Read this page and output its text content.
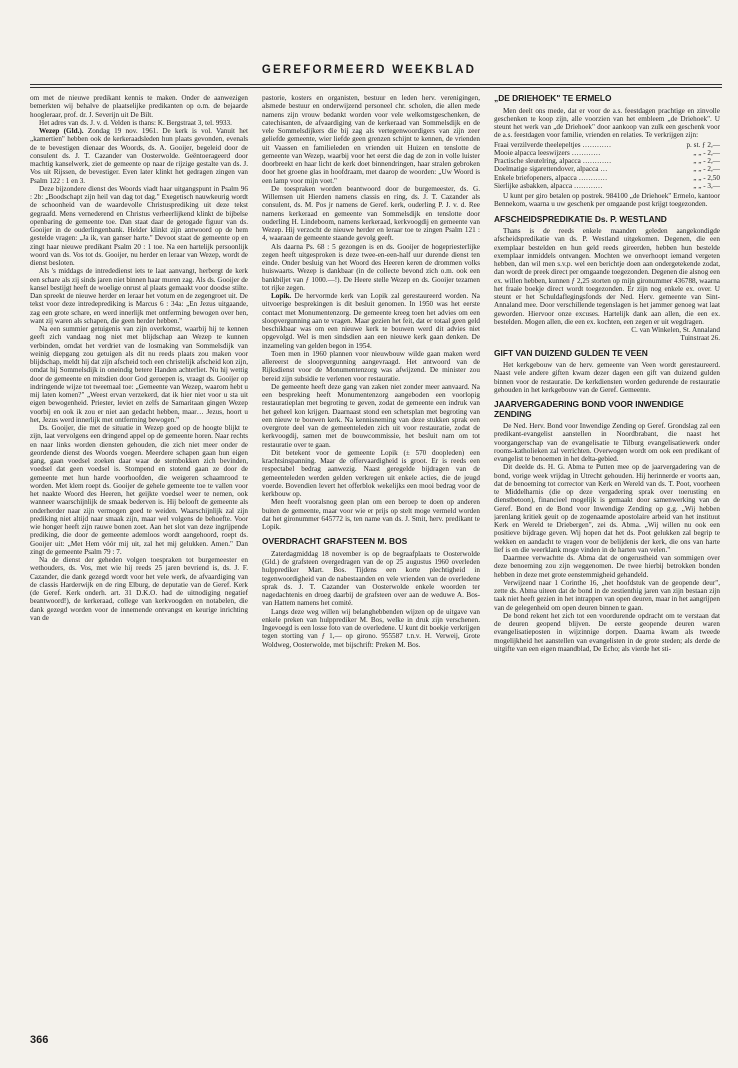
GEREFORMEERD WEEKBLAD

om met de nieuwe predikant kennis te maken. Onder de aanwezigen bemerkten wij behalve de plaatselijke predikanten op o.m. de bejaarde hoogleraar, prof. dr. J. Severijn uit De Bilt.

Het adres van ds. J. v. d. Velden is thans: K. Bergstraat 3, tel. 9933.

Wezep (Gld.). Zondag 19 nov. 1961. De kerk is vol. Vanuit het „kamertien" hebben ook de kerkeraadsleden hun plaats gevonden, evenals de te bevestigen dienaar des Woords, ds. A. Gooijer, begeleid door de consulent ds. J. T. Cazander van Oosterwolde. Geëntoerageerd door machtig kanselwerk, ziet de gemeente op naar de rijzige gestalte van ds. J. Vos uit Rijssen, de bevestiger. Even later klinkt het gedragen zingen van Psalm 122 : 1 en 3.

Deze bijzondere dienst des Woords viadt haar uitgangspunt in Psalm 96 : 2b: „Boodschapt zijn heil van dag tot dag." Exegetisch nauwkeurig wordt de schoonheid van de waardevolle Christusprediking uit deze tekst gegraafd. Mens vernederend en Christus verheerlijkend klinkt de bijbelse openbaring de gemeente toe. Dan staat daar de getogade figuur van ds. Gooijer in de ouderlingenbank. Helder klinkt zijn antwoord op de hem gestelde vragen: „Ja ik, van ganser harte." Devoot staat de gemeente op en zingt haar nieuwe predikant Psalm 20 : 1 toe. Na een hartelijk persoonlijk woord van ds. Vos tot ds. Gooijer, nu herder en leraar van Wezep, wordt de dienst besloten.

Als 's middags de intrededienst iets te laat aanvangt, herbergt de kerk een schare als zij sinds jaren niet binnen haar muren zag. Als ds. Gooijer de kansel bestijgt heeft de woelige onrust al plaats gemaakt voor doodse stilte. Dan spreekt de nieuwe herder en leraar het votum en de zegengroet uit. De tekst voor deze intredeprediking is Marcus 6 : 34a: „En Jezus uitgaande, zag een grote schare, en werd innerlijk met ontferming bewogen over hen, want zij waren als schapen, die geen herder hebben."

Na een summier getuigenis van zijn overkomst, waarbij hij te kennen geeft zich vandaag nog niet met blijdschap aan Wezep te kunnen verbinden, omdat het verdriet van de losmaking van Sommelsdijk van weinig diepgang zou getuigen als dit nu reeds plaats zou maken voor blijdschap, meldt hij dat zijn afscheid toch een christelijk afscheid kon zijn, omdat hij Sommelsdijk in oneindig betere Handen achterliet. Nu hij wettig door de gemeente en mitsdien door God geroepen is, vraagt ds. Gooijer op indringende wijze tot tweemaal toe: „Gemeente van Wezep, waarom hebt u mij laten komen?" „Weest ervan verzekerd, dat ik hier niet voor u sta uit eigen bewogenheid. Priester, leviet en zelfs de Samaritaan gingen Wezep voorbij en ook ik zou er niet aan gedacht hebben, maar… Jezus, hoort u het, Jezus werd innerlijk met ontferming bewogen."

Ds. Gooijer, die met de situatie in Wezep goed op de hoogte blijkt te zijn, laat vervolgens een dringend appel op de gemeente horen. Naar rechts en naar links worden diensten gehouden, die zich niet meer onder de geordende dienst des Woords voegen. Meerdere schapen gaan hun eigen gang, gaan voedsel zoeken daar waar de stembokken zich bevinden, voedsel dat geen voedsel is. Stompend en stotend gaan ze door de gemeente met hun harde voorhoofden, die weigeren schaamrood te worden. Met klem roept ds. Gooijer de gehele gemeente toe te vallen voor het naakte Woord des Heeren, het geijkte voedsel weer te nemen, ook wanneer waarschijnlijk de smaak bederven is. Hij belooft de gemeente als onderherder naar zijn vermogen goed te weiden. Waarschijnlijk zal zijn prediking niet altijd naar smaak zijn, maar wel volgens de behoefte. Voor wie honger heeft zijn rauwe bonen zoet. Aan het slot van deze ingrijpende prediking, die door de gemeente ademloos wordt aangehoord, roept ds. Gooijer uit: „Met Hem vóór mij uit, zal het mij gelukken. Amen." Dan zingt de gemeente Psalm 79 : 7.

Na de dienst der geheden volgen toespraken tot burgemeester en wethouders, ds. Vos, met wie hij reeds 25 jaren bevriend is, ds. J. F. Cazander, die dank gezegd wordt voor het vele werk, de afvaardiging van de classis Harderwijk en de ring Elburg, de deputatie van de Geref. Kerk (de Geref. Kerk onderh. art. 31 D.K.O. had de uitnodiging negatief beantwoord!), de kerkeraad, college van kerkvoogden en notabelen, die dank gezegd worden voor de innemende ontvangst en keurige inrichting van de

pastorie, kosters en organisten, bestuur en leden herv. verenigingen, alsmede bestuur en onderwijzend personeel chr. scholen, die allen mede namens zijn vrouw bedankt worden voor vele welkomstgeschenken, de catechisanten, de afvaardiging van de kerkeraad van Sommelsdijk en de vele Sommelsdijkers die bij zag als vertegenwoordigers van zijn zeer geliefde gemeente, wier liefde geen grenzen schijnt te kennen, de vrienden uit Vaassen en familieleden en vrienden uit Huizen en tenslotte de gemeente van Wezep, waarbij voor het eerst die dag de zon in volle luister doorbreekt en haar licht de kerk doet binnendringen, haar stralen gebroken door het groene glas in hoofdraam, met daarop de woorden: „Uw Woord is een lamp voor mijn voet."

De toespraken worden beantwoord door de burgemeester, ds. G. Willemsen uit Hierden namens classis en ring, ds. J. T. Cazander als consulent, ds. M. Pos jr namens de Geref. kerk, ouderling P. J. v. d. Ree namens kerkeraad en gemeente van Sommelsdijk en tenslotte door ouderling H. Lindeboom, namens kerkeraad, kerkvoogdij en gemeente van Wezep. Hij verzocht de nieuwe herder en leraar toe te zingen Psalm 121 : 4, waaraan de gemeente staande gevolg geeft.

Als daarna Ps. 68 : 5 gezongen is en ds. Gooijer de hogepriesterlijke zegen heeft uitgesproken is deze twee-en-een-half uur durende dienst ten einde. Onder besluig van het Woord des Heeren keren de drommen volks huiswaarts. Wezep is dankbaar (in de collecte bevond zich o.m. ook een bankbiljet van ƒ 1000.—!). De Heere stelle Wezep en ds. Gooijer tezamen tot rijke zegen.

Lopik. De hervormde kerk van Lopik zal gerestaureerd worden. Na uitvoerige besprekingen is dit besluit genomen. In 1950 was het eerste contact met Monumentenzorg. De gemeente kreeg toen het advies om een sloopvergunning aan te vragen. Maar gezien het feit, dat er totaal geen geld beschikbaar was om een nieuwe kerk te bouwen werd dit advies niet opgevolgd. Wel is men sindsdien aan een nieuwe kerk gaan denken. De inzameling van gelden begon in 1954.

Toen men in 1960 plannen voor nieuwbouw wilde gaan maken werd allereerst de sloopvergunning aangevraagd. Het antwoord van de Rijksdienst voor de Monumentenzorg was afwijzend. De minister zou bereid zijn subsidie te verlenen voor restauratie.

De gemeente heeft deze gang van zaken niet zonder meer aanvaard. Na een bespreking heeft Monumentenzorg aangeboden een voorlopig restauratieplan met begroting te geven, zodat de gemeente een indruk van het geheel kon krijgen. Daarnaast stond een schetsplan met begroting van een nieuw te bouwen kerk. Na kennisneming van deze stukken sprak een overgrote deel van de gemeenteleden zich uit voor restauratie, zodat de kerkvoogdij, samen met de bouwcommissie, het besluit nam om tot restauratie over te gaan.

Dit betekent voor de gemeente Lopik (± 570 doopleden) een krachtsinspanning. Maar de offervaardigheid is groot. Er is reeds een respectabel bedrag aanwezig. Naast geregelde bijdragen van de gemeenteleden werden gelden verkregen uit enkele acties, die de jeugd voerde. Bovendien levert het offerblok wekelijks een mooi bedrag voor de kerkbouw op.

Men heeft vooralsnog geen plan om een beroep te doen op anderen buiten de gemeente, maar voor wie er prijs op stelt moge vermeld worden dat het gironummer 645772 is, ten name van ds. J. Smit, herv. predikant te Lopik.

OVERDRACHT GRAFSTEEN M. BOS

Zaterdagmiddag 18 november is op de begraafplaats te Oosterwolde (Gld.) de grafsteen overgedragen van de op 25 augustus 1960 overleden hulpprediker Mart. Bos. Tijdens een korte plechtigheid in tegenwoordigheid van de nabestaanden en vele vrienden van de overledene sprak ds. J. T. Cazander van Oosterwolde enkele woorden ter nagedachtenis en droeg daarbij de grafsteen over aan de weduwe A. Bos-van Hattem namens het comité.

Langs deze weg willen wij belanghebbenden wijzen op de uitgave van enkele preken van hulpprediker M. Bos, welke in druk zijn verschenen. Ingevoegd is een losse foto van de overledene. U kunt dit boekje verkrijgen tegen storting van ƒ 1,— op girono. 955587 t.n.v. H. Verweij, Grote Woldweg, Oosterwolde, met bijschrift: Preken M. Bos.

„DE DRIEHOEK" TE ERMELO

Men deelt ons mede, dat er voor de a.s. feestdagen prachtige en zinvolle geschenken te koop zijn, alle voorzien van het embleem „de Driehoek". U steunt het werk van „de Driehoek" door aankoop van zulk een geschenk voor de a.s. feestdagen voor familie, vrienden en relaties. Te verkrijgen zijn:

Fraai verzilverde theelepeltjes …………	p. st. ƒ 2,—
Mooie alpacca leeswijzers …………	„ „ - 2,—
Practische sleutelring, alpacca …………	„ „ - 2,—
Doelmatige sigarettendover, alpacca …	„ „ - 2,—
Enkele briefopeners, alpacca …………	„ „ - 2,50
Sierlijke asbakken, alpacca …………	„ „ - 3,—

U kunt per giro betalen op postrek. 984100 „de Driehoek" Ermelo, kantoor Bennekom, waarna u uw geschenk per omgaande post krijgt toegezonden.

AFSCHEIDSPREDIKATIE Ds. P. WESTLAND

Thans is de reeds enkele maanden geleden aangekondigde afscheidspredikatie van ds. P. Westland uitgekomen. Degenen, die een exemplaar bestelden en hun geld reeds gireerden, hebben hun bestelde exemplaar inmiddels ontvangen. Mochten we onverhoopt iemand vergeten hebben, dan wil men s.v.p. wel een berichtje doen aan ondergetekende zodat, dan wordt de preek direct per omgaande toegezonden. Degenen die alsnog een ex. willen hebben, kunnen ƒ 2,25 storten op mijn gironummer 436788, waarna het fraaie boekje direct wordt toegezonden. Er zijn nog enkele ex. over. U steunt er het Schuldaflegingsfonds der Ned. Herv. gemeente van Sint-Annaland mee. Door verschillende tegenslagen is het jammer genoeg wat laat geworden. Hiervoor onze excuses. Hartelijk dank aan allen, die een ex. bestelden. Mogen allen, die een ex. kochten, een zegen er uit wegdragen.

C. van Winkelen, St. Annaland

Tuinstraat 26.

GIFT VAN DUIZEND GULDEN TE VEEN

Het kerkgebouw van de herv. gemeente van Veen wordt gerestaureerd. Naast vele andere giften kwam dezer dagen een gift van duizend gulden binnen voor de restauratie. De kerkdiensten worden gedurende de restauratie gehouden in het kerkgebouw van de Geref. Gemeente.

JAARVERGADERING BOND VOOR INWENDIGE ZENDING

De Ned. Herv. Bond voor Inwendige Zending op Geref. Grondslag zal een predikant-evangelist aanstellen in Noordbrabant, die naast het voorgangerschap van de evangelisatie te Tilburg evangelisatiewerk onder rooms-katholieken zal verrichten. Overwogen wordt om ook een predikant of evangelist te benoemen in het delta-gebied.

Dit deelde ds. H. G. Abma te Putten mee op de jaarvergadering van de bond, vorige week vrijdag in Utrecht gehouden. Hij herinnerde er voorts aan, dat de benoeming tot corrector van Kerk en Wereld van ds. T. Poot, voorheen te Middelharnis (die op deze vergadering sprak over toerusting en dienstbetoon), financieel mogelijk is gemaakt door samenwerking van de Geref. Bond en de Bond voor Inwendige Zending op g.g. „Wij hebben jarenlang kritiek geuit op de zogenaamde apostolaire arbeid van het instituut Kerk en Wereld te Driebergen", zei ds. Abma. „Wij willen nu ook een positieve bijdrage geven. Wij hopen dat het ds. Poot gelukken zal begrip te wekken en aandacht te vragen voor de belijdenis der kerk, die ons van harte lief is en die weerklank moge vinden in de harten van velen."

Daarmee verwachtte ds. Abma dat de ongerustheid van sommigen over deze benoeming zou zijn weggenomen. De twee hierbij betrokken bonden hebben in deze met grote eenstemmigheid gehandeld.

Verwijzend naar 1 Corinthe 16, „het hoofdstuk van de geopende deur", zette ds. Abma uiteen dat de bond in de zestienthig jaren van zijn bestaan zijn taak niet heeft gezien in het intrappen van open deuren, maar in het aangrijpen van de gelegenheid om open deuren binnen te gaan.

De bond rekent het zich tot een voordurende opdracht om te verstaan dat de deuren geopend blijven. De eerste geopende deuren waren evangelisatieposten in wijzinnige dorpen. Daarna kwam als tweede mogelijkheid het aanstellen van evangelisten in de grote steden; als derde de uitgifte van een eigen maandblad, De Echo; als vierde het sti-

366
